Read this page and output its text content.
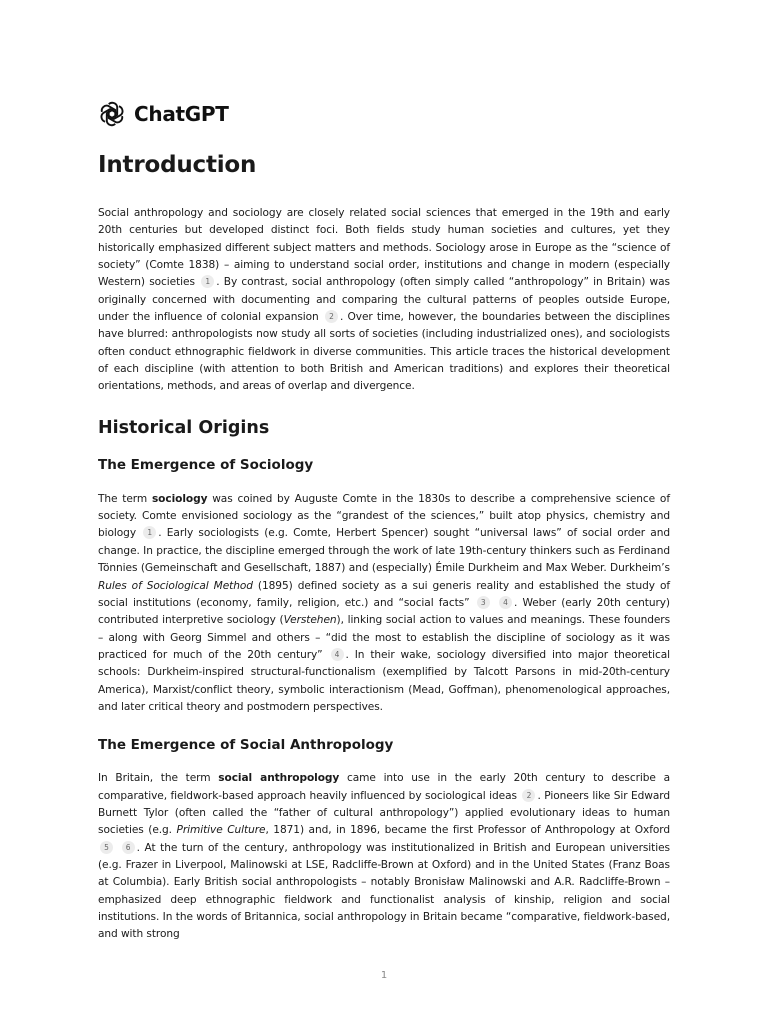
ChatGPT
Introduction

Social anthropology and sociology are closely related social sciences that emerged in the 19th and early 20th centuries but developed distinct foci. Both fields study human societies and cultures, yet they historically emphasized different subject matters and methods. Sociology arose in Europe as the “science of society” (Comte 1838) – aiming to understand social order, institutions and change in modern (especially Western) societies 1 . By contrast, social anthropology (often simply called “anthropology” in Britain) was originally concerned with documenting and comparing the cultural patterns of peoples outside Europe, under the influence of colonial expansion 2 . Over time, however, the boundaries between the disciplines have blurred: anthropologists now study all sorts of societies (including industrialized ones), and sociologists often conduct ethnographic fieldwork in diverse communities. This article traces the historical development of each discipline (with attention to both British and American traditions) and explores their theoretical orientations, methods, and areas of overlap and divergence.

Historical Origins
The Emergence of Sociology

The term sociology was coined by Auguste Comte in the 1830s to describe a comprehensive science of society. Comte envisioned sociology as the “grandest of the sciences,” built atop physics, chemistry and biology 1 . Early sociologists (e.g. Comte, Herbert Spencer) sought “universal laws” of social order and change. In practice, the discipline emerged through the work of late 19th-century thinkers such as Ferdinand Tönnies (Gemeinschaft and Gesellschaft, 1887) and (especially) Émile Durkheim and Max Weber. Durkheim’s Rules of Sociological Method (1895) defined society as a sui generis reality and established the study of social institutions (economy, family, religion, etc.) and “social facts” 3 4 . Weber (early 20th century) contributed interpretive sociology (Verstehen), linking social action to values and meanings. These founders – along with Georg Simmel and others – “did the most to establish the discipline of sociology as it was practiced for much of the 20th century” 4 . In their wake, sociology diversified into major theoretical schools: Durkheim-inspired structural-functionalism (exemplified by Talcott Parsons in mid-20th-century America), Marxist/conflict theory, symbolic interactionism (Mead, Goffman), phenomenological approaches, and later critical theory and postmodern perspectives.

The Emergence of Social Anthropology

In Britain, the term social anthropology came into use in the early 20th century to describe a comparative, fieldwork-based approach heavily influenced by sociological ideas 2 . Pioneers like Sir Edward Burnett Tylor (often called the “father of cultural anthropology”) applied evolutionary ideas to human societies (e.g. Primitive Culture, 1871) and, in 1896, became the first Professor of Anthropology at Oxford 5 6 . At the turn of the century, anthropology was institutionalized in British and European universities (e.g. Frazer in Liverpool, Malinowski at LSE, Radcliffe-Brown at Oxford) and in the United States (Franz Boas at Columbia). Early British social anthropologists – notably Bronisław Malinowski and A.R. Radcliffe-Brown – emphasized deep ethnographic fieldwork and functionalist analysis of kinship, religion and social institutions. In the words of Britannica, social anthropology in Britain became “comparative, fieldwork-based, and with strong

1
